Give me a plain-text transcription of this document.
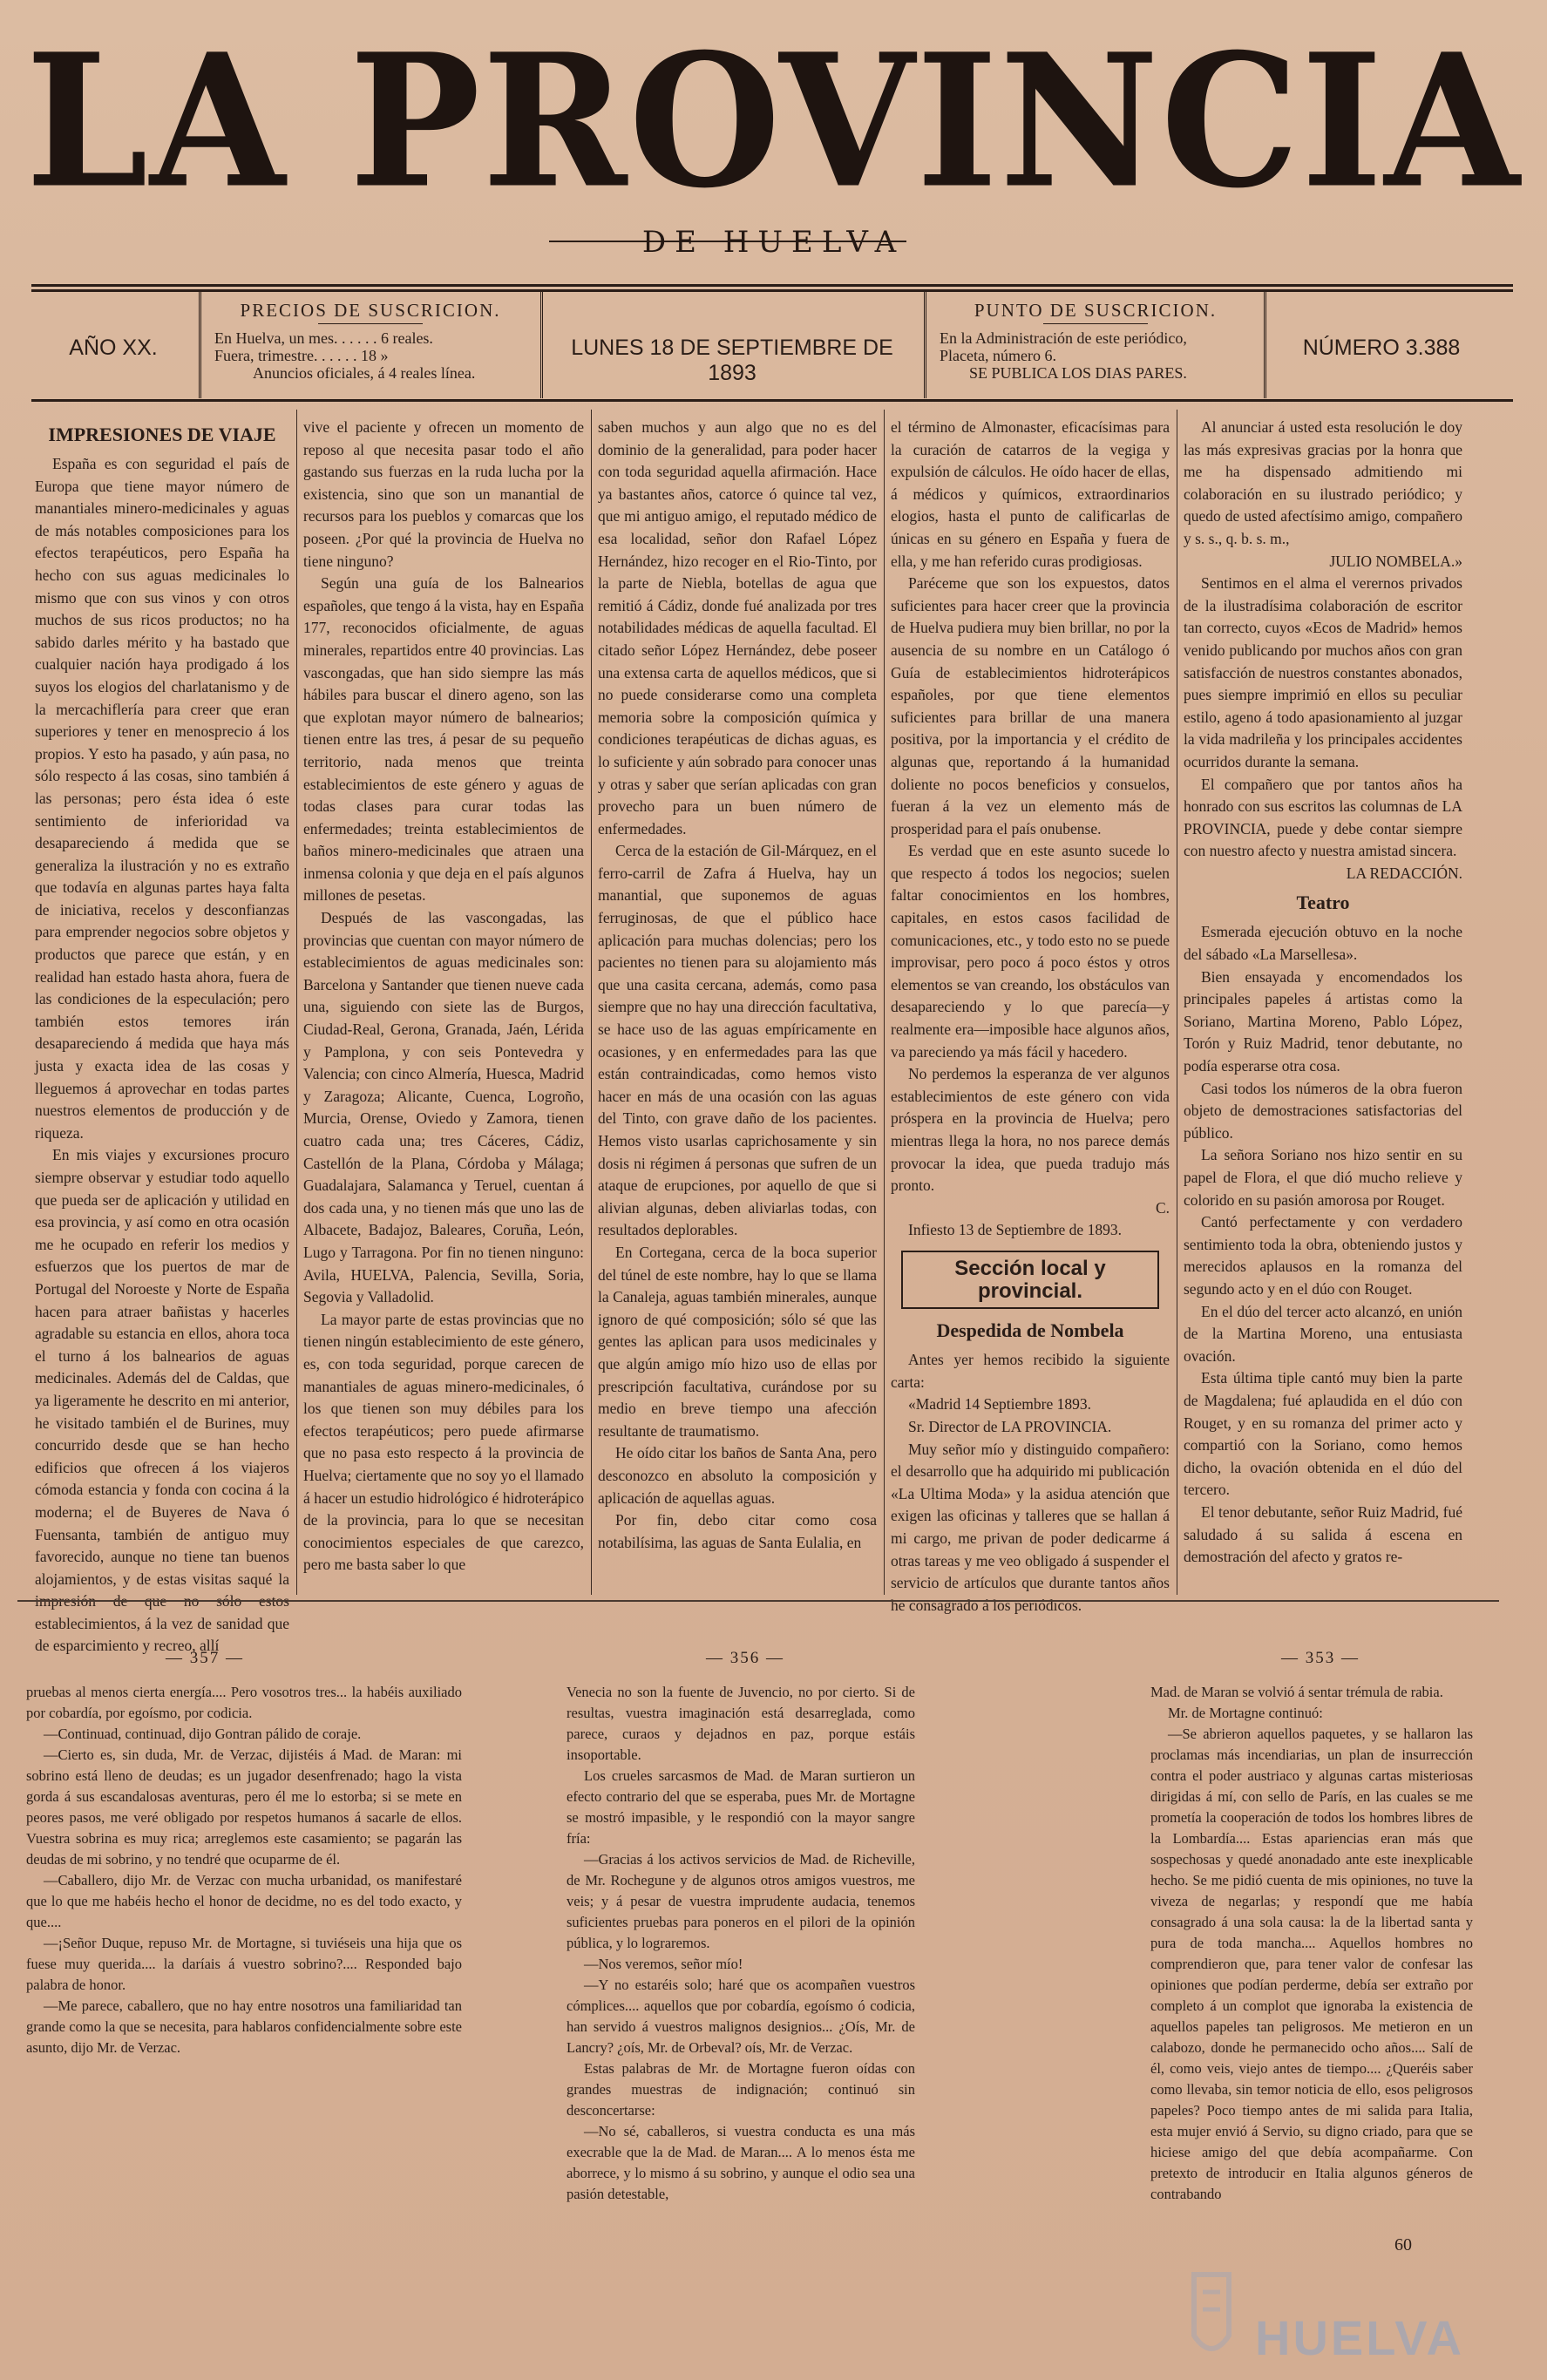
LA PROVINCIA
DE HUELVA
AÑO XX.
PRECIOS DE SUSCRICION.
En Huelva, un mes. . . . . . 6 reales.
Fuera, trimestre. . . . . . 18 »
Anuncios oficiales, á 4 reales línea.
LUNES 18 DE SEPTIEMBRE DE 1893
PUNTO DE SUSCRICION.
En la Administración de este periódico,
Placeta, número 6.
SE PUBLICA LOS DIAS PARES.
NÚMERO 3.388

IMPRESIONES DE VIAJE

España es con seguridad el país de Europa que tiene mayor número de manantiales minero-medicinales y aguas de más notables composiciones para los efectos terapéuticos, pero España ha hecho con sus aguas medicinales lo mismo que con sus vinos y con otros muchos de sus ricos productos; no ha sabido darles mérito y ha bastado que cualquier nación haya prodigado á los suyos los elogios del charlatanismo y de la mercachiflería para creer que eran superiores y tener en menosprecio á los propios. Y esto ha pasado, y aún pasa, no sólo respecto á las cosas, sino también á las personas; pero ésta idea ó este sentimiento de inferioridad va desapareciendo á medida que se generaliza la ilustración y no es extraño que todavía en algunas partes haya falta de iniciativa, recelos y desconfianzas para emprender negocios sobre objetos y productos que parece que están, y en realidad han estado hasta ahora, fuera de las condiciones de la especulación; pero también estos temores irán desapareciendo á medida que haya más justa y exacta idea de las cosas y lleguemos á aprovechar en todas partes nuestros elementos de producción y de riqueza.

En mis viajes y excursiones procuro siempre observar y estudiar todo aquello que pueda ser de aplicación y utilidad en esa provincia, y así como en otra ocasión me he ocupado en referir los medios y esfuerzos que los puertos de mar de Portugal del Noroeste y Norte de España hacen para atraer bañistas y hacerles agradable su estancia en ellos, ahora toca el turno á los balnearios de aguas medicinales. Además del de Caldas, que ya ligeramente he descrito en mi anterior, he visitado también el de Burines, muy concurrido desde que se han hecho edificios que ofrecen á los viajeros cómoda estancia y fonda con cocina á la moderna; el de Buyeres de Nava ó Fuensanta, también de antiguo muy favorecido, aunque no tiene tan buenos alojamientos, y de estas visitas saqué la impresión de que no sólo estos establecimientos, á la vez de sanidad que de esparcimiento y recreo, allí

vive el paciente y ofrecen un momento de reposo al que necesita pasar todo el año gastando sus fuerzas en la ruda lucha por la existencia, sino que son un manantial de recursos para los pueblos y comarcas que los poseen. ¿Por qué la provincia de Huelva no tiene ninguno?

Según una guía de los Balnearios españoles, que tengo á la vista, hay en España 177, reconocidos oficialmente, de aguas minerales, repartidos entre 40 provincias. Las vascongadas, que han sido siempre las más hábiles para buscar el dinero ageno, son las que explotan mayor número de balnearios; tienen entre las tres, á pesar de su pequeño territorio, nada menos que treinta establecimientos de este género y aguas de todas clases para curar todas las enfermedades; treinta establecimientos de baños minero-medicinales que atraen una inmensa colonia y que deja en el país algunos millones de pesetas.

Después de las vascongadas, las provincias que cuentan con mayor número de establecimientos de aguas medicinales son: Barcelona y Santander que tienen nueve cada una, siguiendo con siete las de Burgos, Ciudad-Real, Gerona, Granada, Jaén, Lérida y Pamplona, y con seis Pontevedra y Valencia; con cinco Almería, Huesca, Madrid y Zaragoza; Alicante, Cuenca, Logroño, Murcia, Orense, Oviedo y Zamora, tienen cuatro cada una; tres Cáceres, Cádiz, Castellón de la Plana, Córdoba y Málaga; Guadalajara, Salamanca y Teruel, cuentan á dos cada una, y no tienen más que uno las de Albacete, Badajoz, Baleares, Coruña, León, Lugo y Tarragona. Por fin no tienen ninguno: Avila, HUELVA, Palencia, Sevilla, Soria, Segovia y Valladolid.

La mayor parte de estas provincias que no tienen ningún establecimiento de este género, es, con toda seguridad, porque carecen de manantiales de aguas minero-medicinales, ó los que tienen son muy débiles para los efectos terapéuticos; pero puede afirmarse que no pasa esto respecto á la provincia de Huelva; ciertamente que no soy yo el llamado á hacer un estudio hidrológico é hidroterápico de la provincia, para lo que se necesitan conocimientos especiales de que carezco, pero me basta saber lo que

saben muchos y aun algo que no es del dominio de la generalidad, para poder hacer con toda seguridad aquella afirmación. Hace ya bastantes años, catorce ó quince tal vez, que mi antiguo amigo, el reputado médico de esa localidad, señor don Rafael López Hernández, hizo recoger en el Rio-Tinto, por la parte de Niebla, botellas de agua que remitió á Cádiz, donde fué analizada por tres notabilidades médicas de aquella facultad. El citado señor López Hernández, debe poseer una extensa carta de aquellos médicos, que si no puede considerarse como una completa memoria sobre la composición química y condiciones terapéuticas de dichas aguas, es lo suficiente y aún sobrado para conocer unas y otras y saber que serían aplicadas con gran provecho para un buen número de enfermedades.

Cerca de la estación de Gil-Márquez, en el ferro-carril de Zafra á Huelva, hay un manantial, que suponemos de aguas ferruginosas, de que el público hace aplicación para muchas dolencias; pero los pacientes no tienen para su alojamiento más que una casita cercana, además, como pasa siempre que no hay una dirección facultativa, se hace uso de las aguas empíricamente en ocasiones, y en enfermedades para las que están contraindicadas, como hemos visto hacer en más de una ocasión con las aguas del Tinto, con grave daño de los pacientes. Hemos visto usarlas caprichosamente y sin dosis ni régimen á personas que sufren de un ataque de erupciones, por aquello de que si alivian algunas, deben aliviarlas todas, con resultados deplorables.

En Cortegana, cerca de la boca superior del túnel de este nombre, hay lo que se llama la Canaleja, aguas también minerales, aunque ignoro de qué composición; sólo sé que las gentes las aplican para usos medicinales y que algún amigo mío hizo uso de ellas por prescripción facultativa, curándose por su medio en breve tiempo una afección resultante de traumatismo.

He oído citar los baños de Santa Ana, pero desconozco en absoluto la composición y aplicación de aquellas aguas.

Por fin, debo citar como cosa notabilísima, las aguas de Santa Eulalia, en

el término de Almonaster, eficacísimas para la curación de catarros de la vegiga y expulsión de cálculos. He oído hacer de ellas, á médicos y químicos, extraordinarios elogios, hasta el punto de calificarlas de únicas en su género en España y fuera de ella, y me han referido curas prodigiosas.

Paréceme que son los expuestos, datos suficientes para hacer creer que la provincia de Huelva pudiera muy bien brillar, no por la ausencia de su nombre en un Catálogo ó Guía de establecimientos hidroterápicos españoles, por que tiene elementos suficientes para brillar de una manera positiva, por la importancia y el crédito de algunas que, reportando á la humanidad doliente no pocos beneficios y consuelos, fueran á la vez un elemento más de prosperidad para el país onubense.

Es verdad que en este asunto sucede lo que respecto á todos los negocios; suelen faltar conocimientos en los hombres, capitales, en estos casos facilidad de comunicaciones, etc., y todo esto no se puede improvisar, pero poco á poco éstos y otros elementos se van creando, los obstáculos van desapareciendo y lo que parecía—y realmente era—imposible hace algunos años, va pareciendo ya más fácil y hacedero.

No perdemos la esperanza de ver algunos establecimientos de este género con vida próspera en la provincia de Huelva; pero mientras llega la hora, no nos parece demás provocar la idea, que pueda tradujo más pronto.

C.

Infiesto 13 de Septiembre de 1893.

Sección local y provincial.

Despedida de Nombela

Antes yer hemos recibido la siguiente carta:

«Madrid 14 Septiembre 1893.

Sr. Director de LA PROVINCIA.

Muy señor mío y distinguido compañero: el desarrollo que ha adquirido mi publicación «La Ultima Moda» y la asidua atención que exigen las oficinas y talleres que se hallan á mi cargo, me privan de poder dedicarme á otras tareas y me veo obligado á suspender el servicio de artículos que durante tantos años he consagrado á los periódicos.

Al anunciar á usted esta resolución le doy las más expresivas gracias por la honra que me ha dispensado admitiendo mi colaboración en su ilustrado periódico; y quedo de usted afectísimo amigo, compañero y s. s., q. b. s. m.,

JULIO NOMBELA.»

Sentimos en el alma el verernos privados de la ilustradísima colaboración de escritor tan correcto, cuyos «Ecos de Madrid» hemos venido publicando por muchos años con gran satisfacción de nuestros constantes abonados, pues siempre imprimió en ellos su peculiar estilo, ageno á todo apasionamiento al juzgar la vida madrileña y los principales accidentes ocurridos durante la semana.

El compañero que por tantos años ha honrado con sus escritos las columnas de LA PROVINCIA, puede y debe contar siempre con nuestro afecto y nuestra amistad sincera.

LA REDACCIÓN.

Teatro

Esmerada ejecución obtuvo en la noche del sábado «La Marsellesa».

Bien ensayada y encomendados los principales papeles á artistas como la Soriano, Martina Moreno, Pablo López, Torón y Ruiz Madrid, tenor debutante, no podía esperarse otra cosa.

Casi todos los números de la obra fueron objeto de demostraciones satisfactorias del público.

La señora Soriano nos hizo sentir en su papel de Flora, el que dió mucho relieve y colorido en su pasión amorosa por Rouget.

Cantó perfectamente y con verdadero sentimiento toda la obra, obteniendo justos y merecidos aplausos en la romanza del segundo acto y en el dúo con Rouget.

En el dúo del tercer acto alcanzó, en unión de la Martina Moreno, una entusiasta ovación.

Esta última tiple cantó muy bien la parte de Magdalena; fué aplaudida en el dúo con Rouget, y en su romanza del primer acto y compartió con la Soriano, como hemos dicho, la ovación obtenida en el dúo del tercero.

El tenor debutante, señor Ruiz Madrid, fué saludado á su salida á escena en demostración del afecto y gratos re-

— 357 —	— 356 —	— 353 —

pruebas al menos cierta energía.... Pero vosotros tres... la habéis auxiliado por cobardía, por egoísmo, por codicia.

—Continuad, continuad, dijo Gontran pálido de coraje.

—Cierto es, sin duda, Mr. de Verzac, dijistéis á Mad. de Maran: mi sobrino está lleno de deudas; es un jugador desenfrenado; hago la vista gorda á sus escandalosas aventuras, pero él me lo estorba; si se mete en peores pasos, me veré obligado por respetos humanos á sacarle de ellos. Vuestra sobrina es muy rica; arreglemos este casamiento; se pagarán las deudas de mi sobrino, y no tendré que ocuparme de él.

—Caballero, dijo Mr. de Verzac con mucha urbanidad, os manifestaré que lo que me habéis hecho el honor de decidme, no es del todo exacto, y que....

—¡Señor Duque, repuso Mr. de Mortagne, si tuviéseis una hija que os fuese muy querida.... la daríais á vuestro sobrino?.... Responded bajo palabra de honor.

—Me parece, caballero, que no hay entre nosotros una familiaridad tan grande como la que se necesita, para hablaros confidencialmente sobre este asunto, dijo Mr. de Verzac.

Venecia no son la fuente de Juvencio, no por cierto. Si de resultas, vuestra imaginación está desarreglada, como parece, curaos y dejadnos en paz, porque estáis insoportable.

Los crueles sarcasmos de Mad. de Maran surtieron un efecto contrario del que se esperaba, pues Mr. de Mortagne se mostró impasible, y le respondió con la mayor sangre fría:

—Gracias á los activos servicios de Mad. de Richeville, de Mr. Rochegune y de algunos otros amigos vuestros, me veis; y á pesar de vuestra imprudente audacia, tenemos suficientes pruebas para poneros en el pilori de la opinión pública, y lo lograremos.

—Nos veremos, señor mío!

—Y no estaréis solo; haré que os acompañen vuestros cómplices.... aquellos que por cobardía, egoísmo ó codicia, han servido á vuestros malignos designios... ¿Oís, Mr. de Lancry? ¿oís, Mr. de Orbeval? oís, Mr. de Verzac.

Estas palabras de Mr. de Mortagne fueron oídas con grandes muestras de indignación; continuó sin desconcertarse:

—No sé, caballeros, si vuestra conducta es una más execrable que la de Mad. de Maran.... A lo menos ésta me aborrece, y lo mismo á su sobrino, y aunque el odio sea una pasión detestable,

Mad. de Maran se volvió á sentar trémula de rabia.

Mr. de Mortagne continuó:

—Se abrieron aquellos paquetes, y se hallaron las proclamas más incendiarias, un plan de insurrección contra el poder austriaco y algunas cartas misteriosas dirigidas á mí, con sello de París, en las cuales se me prometía la cooperación de todos los hombres libres de la Lombardía.... Estas apariencias eran más que sospechosas y quedé anonadado ante este inexplicable hecho. Se me pidió cuenta de mis opiniones, no tuve la viveza de negarlas; y respondí que me había consagrado á una sola causa: la de la libertad santa y pura de toda mancha.... Aquellos hombres no comprendieron que, para tener valor de confesar las opiniones que podían perderme, debía ser extraño por completo á un complot que ignoraba la existencia de aquellos papeles tan peligrosos. Me metieron en un calabozo, donde he permanecido ocho años.... Salí de él, como veis, viejo antes de tiempo.... ¿Queréis saber como llevaba, sin temor noticia de ello, esos peligrosos papeles? Poco tiempo antes de mi salida para Italia, esta mujer envió á Servio, su digno criado, para que se hiciese amigo del que debía acompañarme. Con pretexto de introducir en Italia algunos géneros de contrabando

60
HUELVA
